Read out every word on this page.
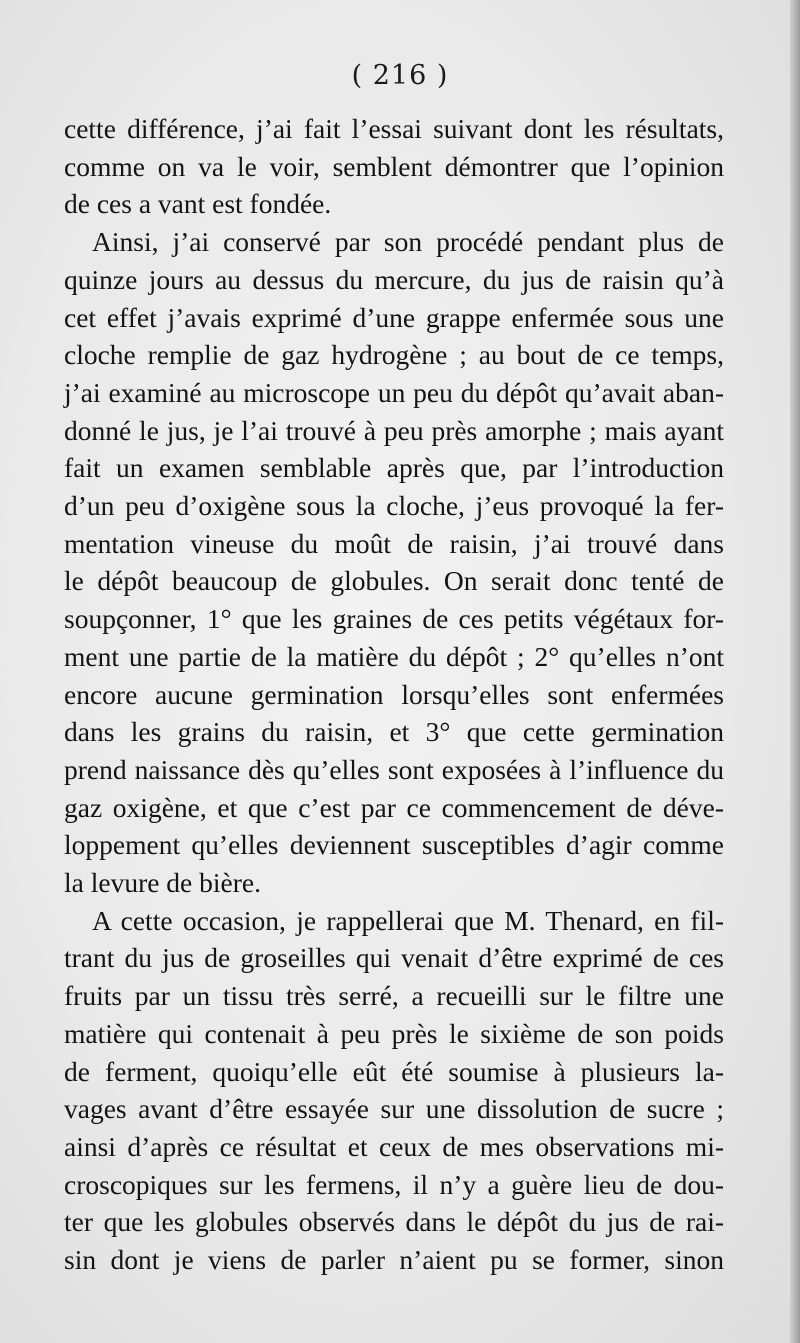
( 216 )

cette différence, j’ai fait l’essai suivant dont les résultats,
comme on va le voir, semblent démontrer que l’opinion
de ces a vant est fondée.

Ainsi, j’ai conservé par son procédé pendant plus de
quinze jours au dessus du mercure, du jus de raisin qu’à
cet effet j’avais exprimé d’une grappe enfermée sous une
cloche remplie de gaz hydrogène ; au bout de ce temps,
j’ai examiné au microscope un peu du dépôt qu’avait aban-
donné le jus, je l’ai trouvé à peu près amorphe ; mais ayant
fait un examen semblable après que, par l’introduction
d’un peu d’oxigène sous la cloche, j’eus provoqué la fer-
mentation vineuse du moût de raisin, j’ai trouvé dans
le dépôt beaucoup de globules. On serait donc tenté de
soupçonner, 1° que les graines de ces petits végétaux for-
ment une partie de la matière du dépôt ; 2° qu’elles n’ont
encore aucune germination lorsqu’elles sont enfermées
dans les grains du raisin, et 3° que cette germination
prend naissance dès qu’elles sont exposées à l’influence du
gaz oxigène, et que c’est par ce commencement de déve-
loppement qu’elles deviennent susceptibles d’agir comme
la levure de bière.

A cette occasion, je rappellerai que M. Thenard, en fil-
trant du jus de groseilles qui venait d’être exprimé de ces
fruits par un tissu très serré, a recueilli sur le filtre une
matière qui contenait à peu près le sixième de son poids
de ferment, quoiqu’elle eût été soumise à plusieurs la-
vages avant d’être essayée sur une dissolution de sucre ;
ainsi d’après ce résultat et ceux de mes observations mi-
croscopiques sur les fermens, il n’y a guère lieu de dou-
ter que les globules observés dans le dépôt du jus de rai-
sin dont je viens de parler n’aient pu se former, sinon
